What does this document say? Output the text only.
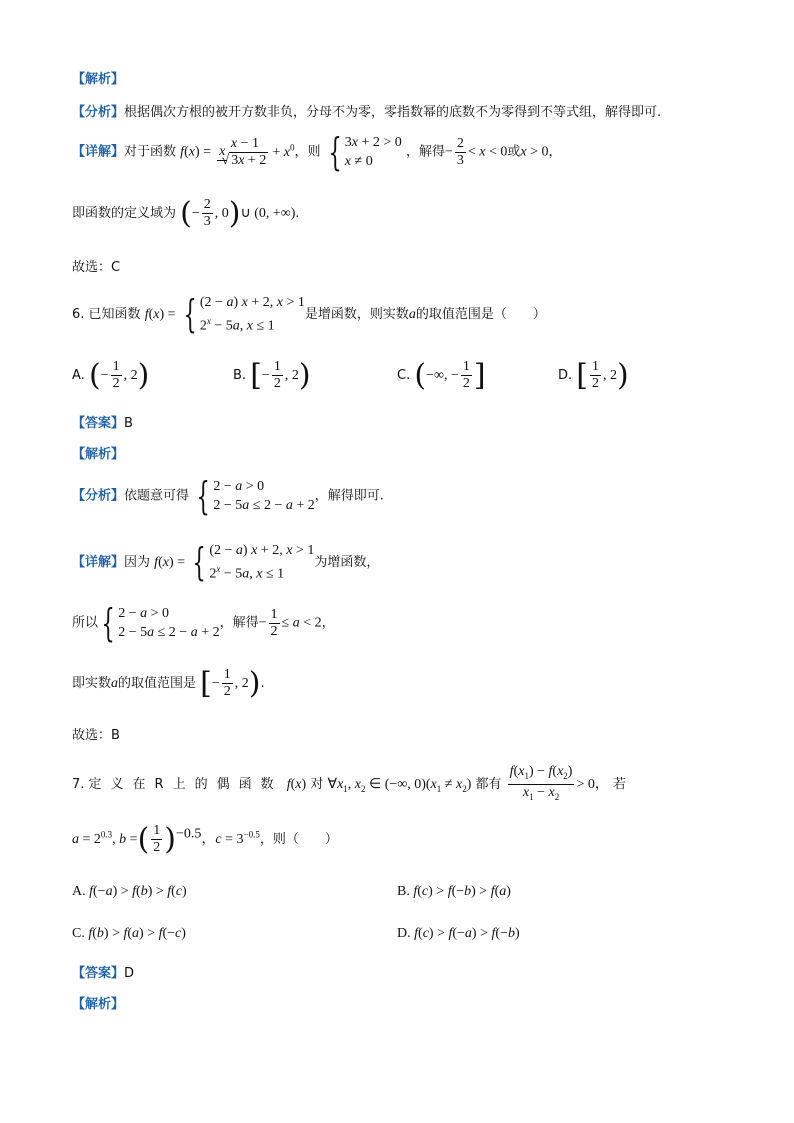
【解析】
【分析】根据偶次方根的被开方数非负，分母不为零，零指数幂的底数不为零得到不等式组，解得即可.
【详解】对于函数 f(x) = x

$\frac{x - 1}{√ 3x + 2} + x^0$，则 { 3x + 2 > 0
x ≠ 0
，解得− $\frac{2}{3} < x < 0$或x > 0，
即函数的定义域为 (− $\frac{2}{3}$ , 0)∪ (0, +∞).
故选：C
6. 已知函数 f(x) = { (2 − a) x + 2, x > 1
$2^x - 5a$, x ≤ 1
是增函数，则实数a的取值范围是（　　）
A. (− $\frac{1}{2}$ , 2)	B. [− $\frac{1}{2}$ , 2)	C. (−∞, − $\frac{1}{2}$ ]	D. [ $\frac{1}{2}$ , 2)
【答案】B
【解析】
【分析】依题意可得 { 2 − a > 0
2 − 5a ≤ 2 − a + 2
，解得即可.
【详解】因为 f(x) = { (2 − a) x + 2, x > 1
$2^x - 5a$, x ≤ 1
为增函数，
所以 { 2 − a > 0
2 − 5a ≤ 2 − a + 2
，解得− $\frac{1}{2} \le a < 2$，
即实数a的取值范围是 [− $\frac{1}{2}$ , 2).
故选：B
7. 定义在R上的偶函数 f(x) 对 $\forall x_1$, $x_2$ ∈ (−∞, $0)(x_1 \ne x_2)$ 都有 $\frac{f(x_1) - f(x_2)}{x_1 - x_2} > 0$， 若
$a = 2^{0.3}$, b =( $\frac{1}{2} )^{-0.5}$，$c = 3^{-0.5}$，则（　　）
A. f(−a) > f(b) > f(c)	B. f(c) > f(−b) > f(a)
C. f(b) > f(a) > f(−c)	D. f(c) > f(−a) > f(−b)
【答案】D
【解析】
